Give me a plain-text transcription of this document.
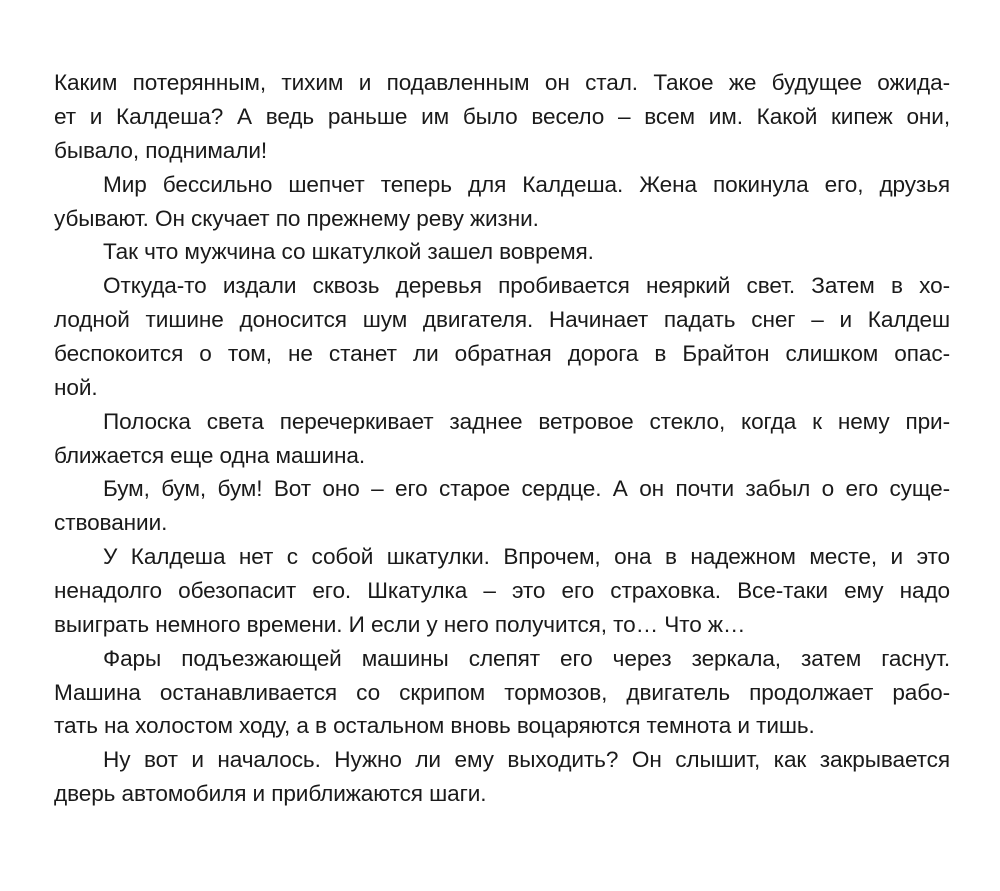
Каким потерянным, тихим и подавленным он стал. Такое же будущее ожида-
ет и Калдеша? А ведь раньше им было весело – всем им. Какой кипеж они,
бывало, поднимали!
Мир бессильно шепчет теперь для Калдеша. Жена покинула его, друзья
убывают. Он скучает по прежнему реву жизни.
Так что мужчина со шкатулкой зашел вовремя.
Откуда-то издали сквозь деревья пробивается неяркий свет. Затем в хо-
лодной тишине доносится шум двигателя. Начинает падать снег – и Калдеш
беспокоится о том, не станет ли обратная дорога в Брайтон слишком опас-
ной.
Полоска света перечеркивает заднее ветровое стекло, когда к нему при-
ближается еще одна машина.
Бум, бум, бум! Вот оно – его старое сердце. А он почти забыл о его суще-
ствовании.
У Калдеша нет с собой шкатулки. Впрочем, она в надежном месте, и это
ненадолго обезопасит его. Шкатулка – это его страховка. Все-таки ему надо
выиграть немного времени. И если у него получится, то… Что ж…
Фары подъезжающей машины слепят его через зеркала, затем гаснут.
Машина останавливается со скрипом тормозов, двигатель продолжает рабо-
тать на холостом ходу, а в остальном вновь воцаряются темнота и тишь.
Ну вот и началось. Нужно ли ему выходить? Он слышит, как закрывается
дверь автомобиля и приближаются шаги.
